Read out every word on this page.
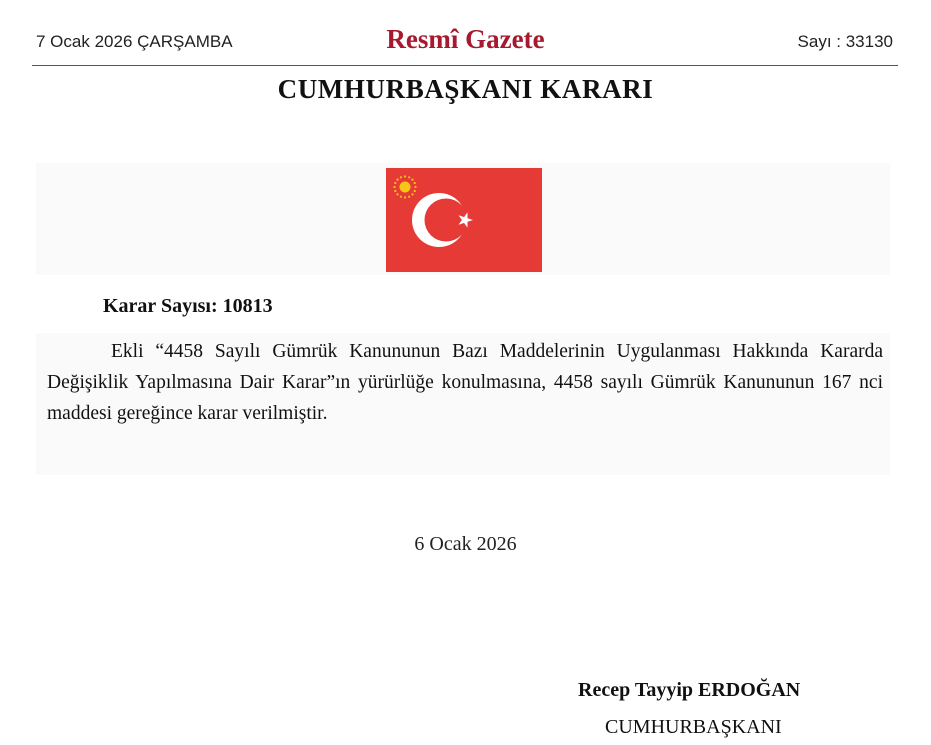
7 Ocak 2026 ÇARŞAMBA	Resmî Gazete	Sayı : 33130
CUMHURBAŞKANI KARARI
Karar Sayısı: 10813

Ekli “4458 Sayılı Gümrük Kanununun Bazı Maddelerinin Uygulanması Hakkında Kararda Değişiklik Yapılmasına Dair Karar”ın yürürlüğe konulmasına, 4458 sayılı Gümrük Kanununun 167 nci maddesi gereğince karar verilmiştir.

6 Ocak 2026
Recep Tayyip ERDOĞAN
CUMHURBAŞKANI
